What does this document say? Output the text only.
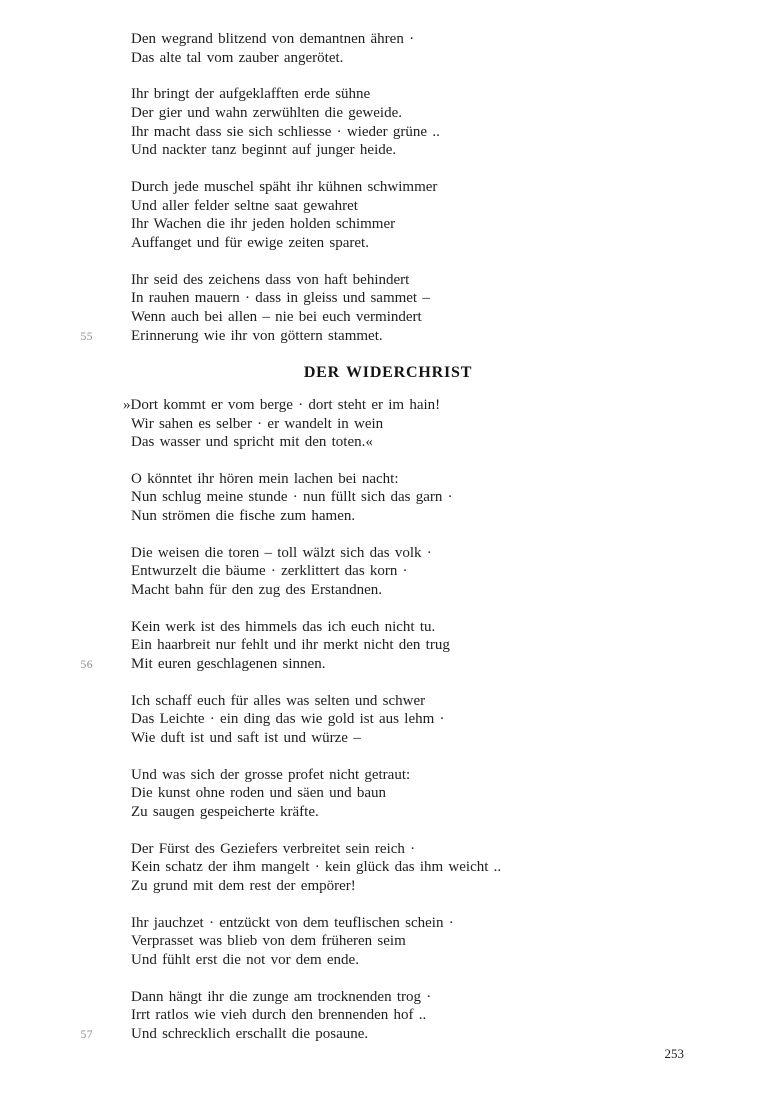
Den wegrand blitzend von demantnen ähren ·
Das alte tal vom zauber angerötet.
Ihr bringt der aufgeklafften erde sühne
Der gier und wahn zerwühlten die geweide.
Ihr macht dass sie sich schliesse · wieder grüne ..
Und nackter tanz beginnt auf junger heide.
Durch jede muschel späht ihr kühnen schwimmer
Und aller felder seltne saat gewahret
Ihr Wachen die ihr jeden holden schimmer
Auffanget und für ewige zeiten sparet.
Ihr seid des zeichens dass von haft behindert
In rauhen mauern · dass in gleiss und sammet –
Wenn auch bei allen – nie bei euch vermindert
55	Erinnerung wie ihr von göttern stammet.
DER WIDERCHRIST
»Dort kommt er vom berge · dort steht er im hain!
Wir sahen es selber · er wandelt in wein
Das wasser und spricht mit den toten.«
O könntet ihr hören mein lachen bei nacht:
Nun schlug meine stunde · nun füllt sich das garn ·
Nun strömen die fische zum hamen.
Die weisen die toren – toll wälzt sich das volk ·
Entwurzelt die bäume · zerklittert das korn ·
Macht bahn für den zug des Erstandnen.
Kein werk ist des himmels das ich euch nicht tu.
Ein haarbreit nur fehlt und ihr merkt nicht den trug
56	Mit euren geschlagenen sinnen.
Ich schaff euch für alles was selten und schwer
Das Leichte · ein ding das wie gold ist aus lehm ·
Wie duft ist und saft ist und würze –
Und was sich der grosse profet nicht getraut:
Die kunst ohne roden und säen und baun
Zu saugen gespeicherte kräfte.
Der Fürst des Geziefers verbreitet sein reich ·
Kein schatz der ihm mangelt · kein glück das ihm weicht ..
Zu grund mit dem rest der empörer!
Ihr jauchzet · entzückt von dem teuflischen schein ·
Verprasset was blieb von dem früheren seim
Und fühlt erst die not vor dem ende.
Dann hängt ihr die zunge am trocknenden trog ·
Irrt ratlos wie vieh durch den brennenden hof ..
57	Und schrecklich erschallt die posaune.
253
